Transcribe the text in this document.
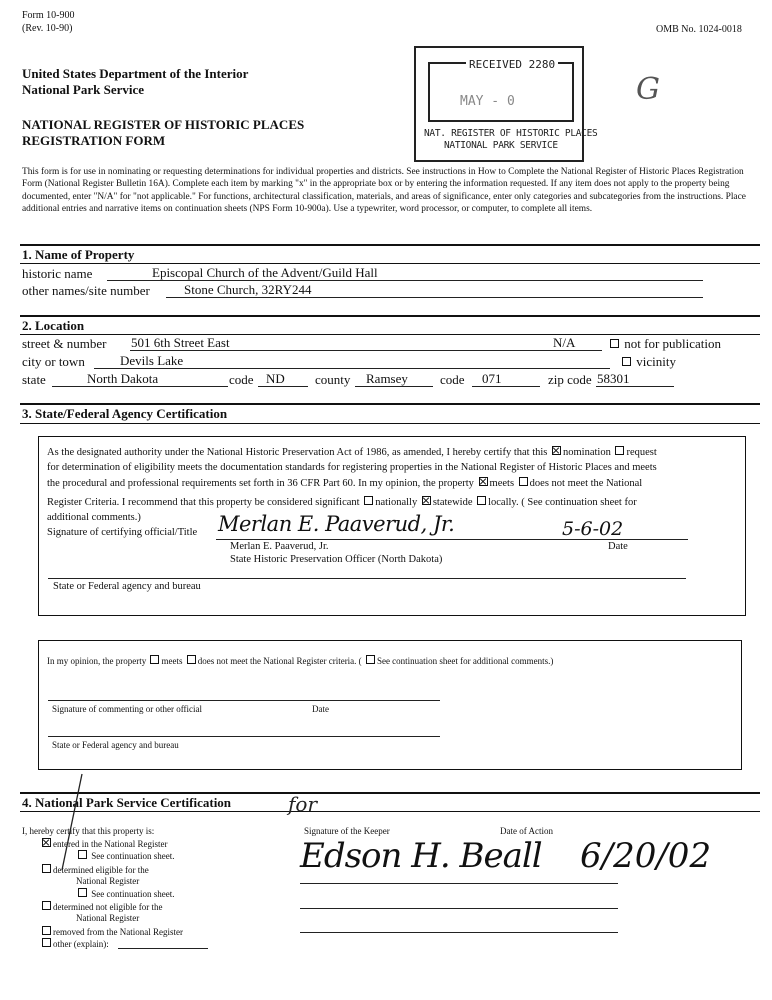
Form 10-900
(Rev. 10-90)	OMB No. 1024-0018
United States Department of the Interior
National Park Service
NATIONAL REGISTER OF HISTORIC PLACES
REGISTRATION FORM
RECEIVED 2280
MAY - 0
NAT. REGISTER OF HISTORIC PLACES
NATIONAL PARK SERVICE
G
This form is for use in nominating or requesting determinations for individual properties and districts. See instructions in How to Complete the National Register of Historic Places Registration Form (National Register Bulletin 16A). Complete each item by marking "x" in the appropriate box or by entering the information requested. If any item does not apply to the property being documented, enter "N/A" for "not applicable." For functions, architectural classification, materials, and areas of significance, enter only categories and subcategories from the instructions. Place additional entries and narrative items on continuation sheets (NPS Form 10-900a). Use a typewriter, word processor, or computer, to complete all items.
1. Name of Property
historic name	Episcopal Church of the Advent/Guild Hall
other names/site number	Stone Church, 32RY244
2. Location
street & number 501 6th Street East	N/A	not for publication
city or town	Devils Lake	vicinity
state	North Dakota	code ND county Ramsey code 071	zip code 58301
3. State/Federal Agency Certification
As the designated authority under the National Historic Preservation Act of 1986, as amended, I hereby certify that this nomination request
for determination of eligibility meets the documentation standards for registering properties in the National Register of Historic Places and meets
the procedural and professional requirements set forth in 36 CFR Part 60. In my opinion, the property meets does not meet the National
Register Criteria. I recommend that this property be considered significant nationally statewide locally. ( See continuation sheet for
additional comments.)
Signature of certifying official/Title Merlan E. Paaverud, Jr.	5-6-02
Merlan E. Paaverud, Jr.	Date
State Historic Preservation Officer (North Dakota)
State or Federal agency and bureau
In my opinion, the property meets does not meet the National Register criteria. ( See continuation sheet for additional comments.)
Signature of commenting or other official	Date
State or Federal agency and bureau
4. National Park Service Certification
I, hereby certify that this property is:
entered in the National Register
See continuation sheet.
determined eligible for the
National Register
See continuation sheet.
determined not eligible for the
National Register
removed from the National Register
other (explain):
Signature of the Keeper	Date of Action
for
Edson H. Beall 6/20/02
